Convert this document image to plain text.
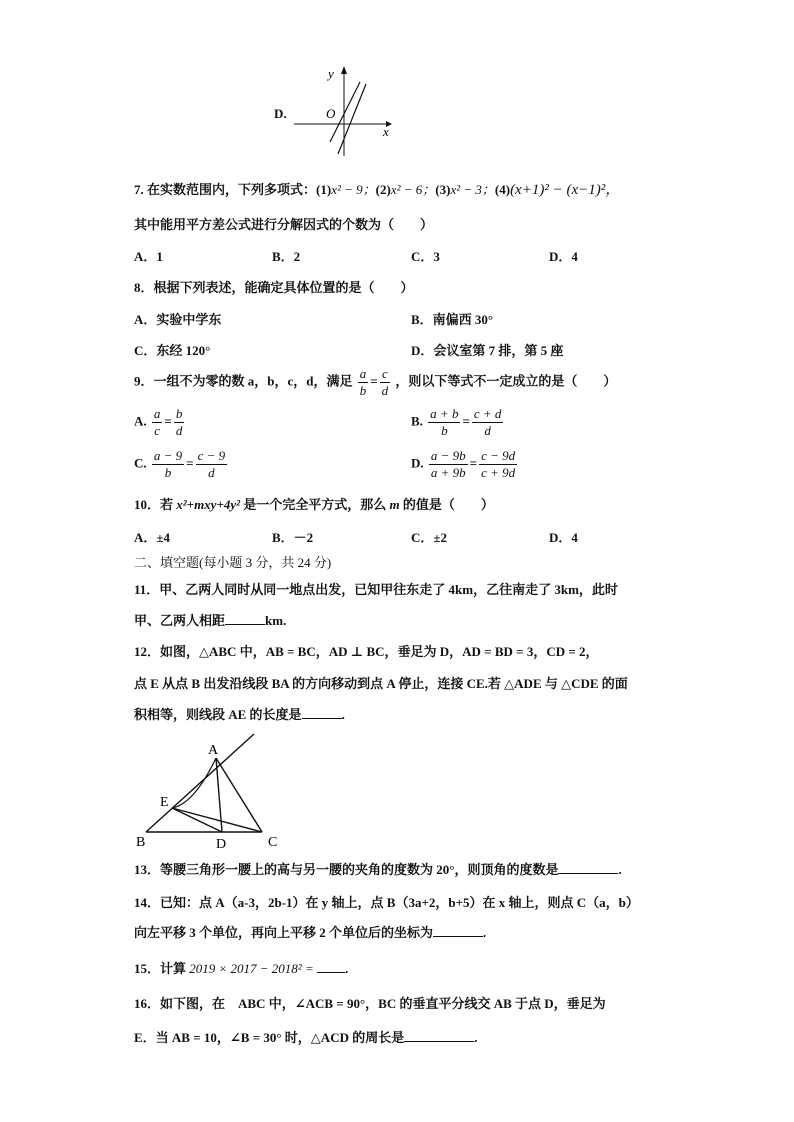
D.
y
x
O
7. 在实数范围内，下列多项式：(1)x² − 9；(2)x² − 6；(3)x² − 3；(4)(x+1)² − (x−1)²，
其中能用平方差公式进行分解因式的个数为（　　）
A．1	B．2	C．3	D．4
8．根据下列表述，能确定具体位置的是（　　）
A．实验中学东	B．南偏西 30°
C．东经 120°	D．会议室第 7 排，第 5 座
9．一组不为零的数 a，b，c，d，满足 $\frac{a}{b} = \frac{c}{d}$ ，则以下等式不一定成立的是（　　）
A. $\frac{a}{c} = \frac{b}{d}$	B. $\frac{a + b}{b} = \frac{c + d}{d}$
C. $\frac{a - 9}{b} = \frac{c - 9}{d}$	D. $\frac{a - 9b}{a + 9b} = \frac{c - 9d}{c + 9d}$
10．若 x²+mxy+4y² 是一个完全平方式，那么 m 的值是（　　）
A．±4	B．－2	C．±2	D．4
二、填空题(每小题 3 分，共 24 分)
11．甲、乙两人同时从同一地点出发，已知甲往东走了 4km，乙往南走了 3km，此时
甲、乙两人相距	km.
12．如图，△ABC 中，AB = BC，AD ⊥ BC，垂足为 D，AD = BD = 3，CD = 2，
点 E 从点 B 出发沿线段 BA 的方向移动到点 A 停止，连接 CE.若 △ADE 与 △CDE 的面
积相等，则线段 AE 的长度是	.
A
B	C
D
E
13．等腰三角形一腰上的高与另一腰的夹角的度数为 20°，则顶角的度数是	.
14．已知：点 A（a-3，2b-1）在 y 轴上，点 B（3a+2，b+5）在 x 轴上，则点 C（a，b）
向左平移 3 个单位，再向上平移 2 个单位后的坐标为	.
15．计算 2019 × 2017 − 2018² = .
16．如下图，在　ABC 中，∠ACB = 90°，BC 的垂直平分线交 AB 于点 D，垂足为
E．当 AB = 10，∠B = 30° 时，△ACD 的周长是	.
